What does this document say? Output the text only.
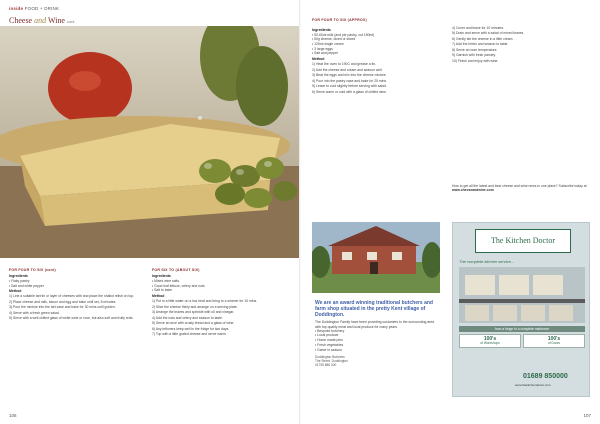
inside FOOD + DRINK
Cheese and Wine cont
FOR FOUR TO SIX (cont)
Ingredients
• Flaky pastry
• Salt and white pepper
Method

1) Line a suitable tart tin or layer of cheeses with and place the shallot relish on top.

2) Place cheese and milk, bacon and egg and bake until set, 8 minutes.

3) Pour the mixture into the tart case and bake for 30 mins until golden.

4) Serve with a fresh green salad.

5) Serve with a well chilled glass of white wine or rose, but also soft and fruity reds.

FOR SIX TO (ABOUT SIX)
Ingredients
• Mixed wine salts
• Good leaf lettuce, celery and nuts
• Salt to taste
Method

1) Put in a little water on a low heat and bring to a simmer for 10 mins.

2) Slice the cheese thinly and arrange on a serving plate.

3) Arrange the leaves and sprinkle with oil and vinegar.

4) Add the nuts and celery and season to taste.

5) Serve at once with crusty bread and a glass of wine.

6) Any leftovers keep well in the fridge for two days.

7) Top with a little grated cheese and serve warm.

106
FOR FOUR TO SIX (APPROX)
Ingredients
• 50-60ml milk (and pie pastry, cut 150ml)
• 50g cheese, diced or sliced
• 125ml single cream
• 3 large eggs
• Salt and pepper
Method

1) Heat the oven to 190C and grease a tin.

2) Add the cheese and cream and season well.

3) Beat the eggs and mix into the cheese mixture.

4) Pour into the pastry case and bake for 25 mins.

5) Leave to cool slightly before serving with salad.

6) Serve warm or cold with a glass of chilled wine.

4) Cover and leave for 10 minutes.

5) Drain and serve with a salad of mixed leaves.

6) Gently stir the cheese in a little cream.

7) Add the herbs and season to taste.

8) Serve at room temperature.

9) Garnish with fresh parsley.

10) Finish and enjoy with wine.

How to get all the latest and best cheese and wine news in one place? Subscribe today at www.cheeseandwine.com
We are an award winning traditional butchers and farm shop situated in the pretty Kent village of Doddington.

The Doddington Family have been providing customers to the surrounding area with top quality meat and local produce for many years.

• Bespoke butchery
• Local produce
• Home made pies
• Fresh vegetables
• Game in season
Doddington Butchers
The Street, Doddington
01795 886 000
The Kitchen Doctor
The complete kitchen service...
from a hinge to a complete makeover
100's
of Workshops
100's
of Doors
01689 850000
www.thekitchendoctor.com
107
